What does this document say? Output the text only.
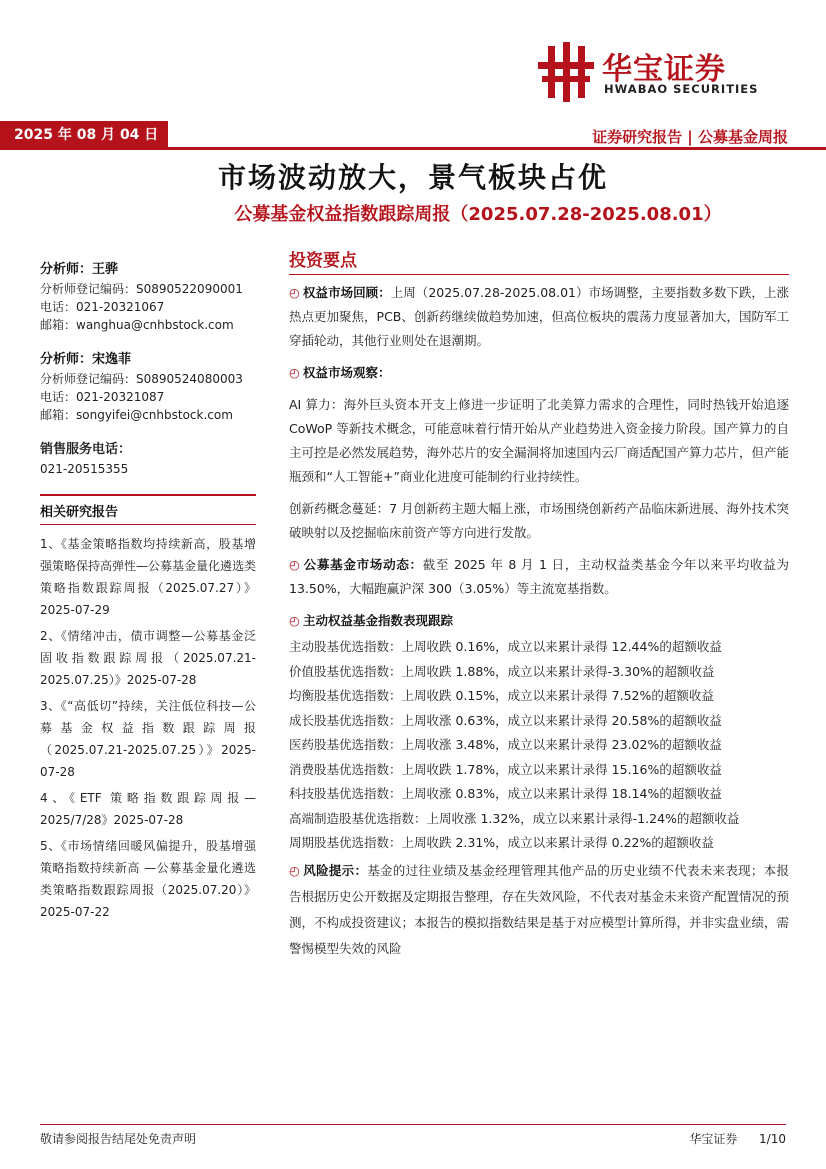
华宝证券
HWABAO SECURITIES
2025 年 08 月 04 日	证券研究报告 | 公募基金周报
市场波动放大，景气板块占优
公募基金权益指数跟踪周报（2025.07.28-2025.08.01）
分析师：王骅
分析师登记编码：S0890522090001
电话：021-20321067
邮箱：wanghua@cnhbstock.com
分析师：宋逸菲
分析师登记编码：S0890524080003
电话：021-20321087
邮箱：songyifei@cnhbstock.com
销售服务电话：
021-20515355
相关研究报告
1、《基金策略指数均持续新高，股基增强策略保持高弹性—公募基金量化遴选类策略指数跟踪周报（2025.07.27）》2025-07-29
2、《情绪冲击，债市调整—公募基金泛固收指数跟踪周报（2025.07.21-2025.07.25）》2025-07-28
3、《“高低切”持续，关注低位科技—公募基金权益指数跟踪周报（2025.07.21-2025.07.25）》2025-07-28
4、《ETF 策略指数跟踪周报—2025/7/28》2025-07-28
5、《市场情绪回暖风偏提升，股基增强策略指数持续新高 —公募基金量化遴选类策略指数跟踪周报（2025.07.20）》2025-07-22
投资要点
◴ 权益市场回顾：上周（2025.07.28-2025.08.01）市场调整，主要指数多数下跌，上涨热点更加聚焦，PCB、创新药继续做趋势加速，但高位板块的震荡力度显著加大，国防军工穿插轮动，其他行业则处在退潮期。
◴ 权益市场观察：
AI 算力：海外巨头资本开支上修进一步证明了北美算力需求的合理性，同时热钱开始追逐 CoWoP 等新技术概念，可能意味着行情开始从产业趋势进入资金接力阶段。国产算力的自主可控是必然发展趋势，海外芯片的安全漏洞将加速国内云厂商适配国产算力芯片，但产能瓶颈和“人工智能+”商业化进度可能制约行业持续性。
创新药概念蔓延：7 月创新药主题大幅上涨，市场围绕创新药产品临床新进展、海外技术突破映射以及挖掘临床前资产等方向进行发散。
◴ 公募基金市场动态：截至 2025 年 8 月 1 日，主动权益类基金今年以来平均收益为 13.50%，大幅跑赢沪深 300（3.05%）等主流宽基指数。
◴ 主动权益基金指数表现跟踪
主动股基优选指数：上周收跌 0.16%，成立以来累计录得 12.44%的超额收益
价值股基优选指数：上周收跌 1.88%，成立以来累计录得-3.30%的超额收益
均衡股基优选指数：上周收跌 0.15%，成立以来累计录得 7.52%的超额收益
成长股基优选指数：上周收涨 0.63%，成立以来累计录得 20.58%的超额收益
医药股基优选指数：上周收涨 3.48%，成立以来累计录得 23.02%的超额收益
消费股基优选指数：上周收跌 1.78%，成立以来累计录得 15.16%的超额收益
科技股基优选指数：上周收涨 0.83%，成立以来累计录得 18.14%的超额收益
高端制造股基优选指数：上周收涨 1.32%，成立以来累计录得-1.24%的超额收益
周期股基优选指数：上周收跌 2.31%，成立以来累计录得 0.22%的超额收益
◴ 风险提示：基金的过往业绩及基金经理管理其他产品的历史业绩不代表未来表现；本报告根据历史公开数据及定期报告整理，存在失效风险，不代表对基金未来资产配置情况的预测，不构成投资建议；本报告的模拟指数结果是基于对应模型计算所得，并非实盘业绩，需警惕模型失效的风险
敬请参阅报告结尾处免责声明	华宝证券 1/10
